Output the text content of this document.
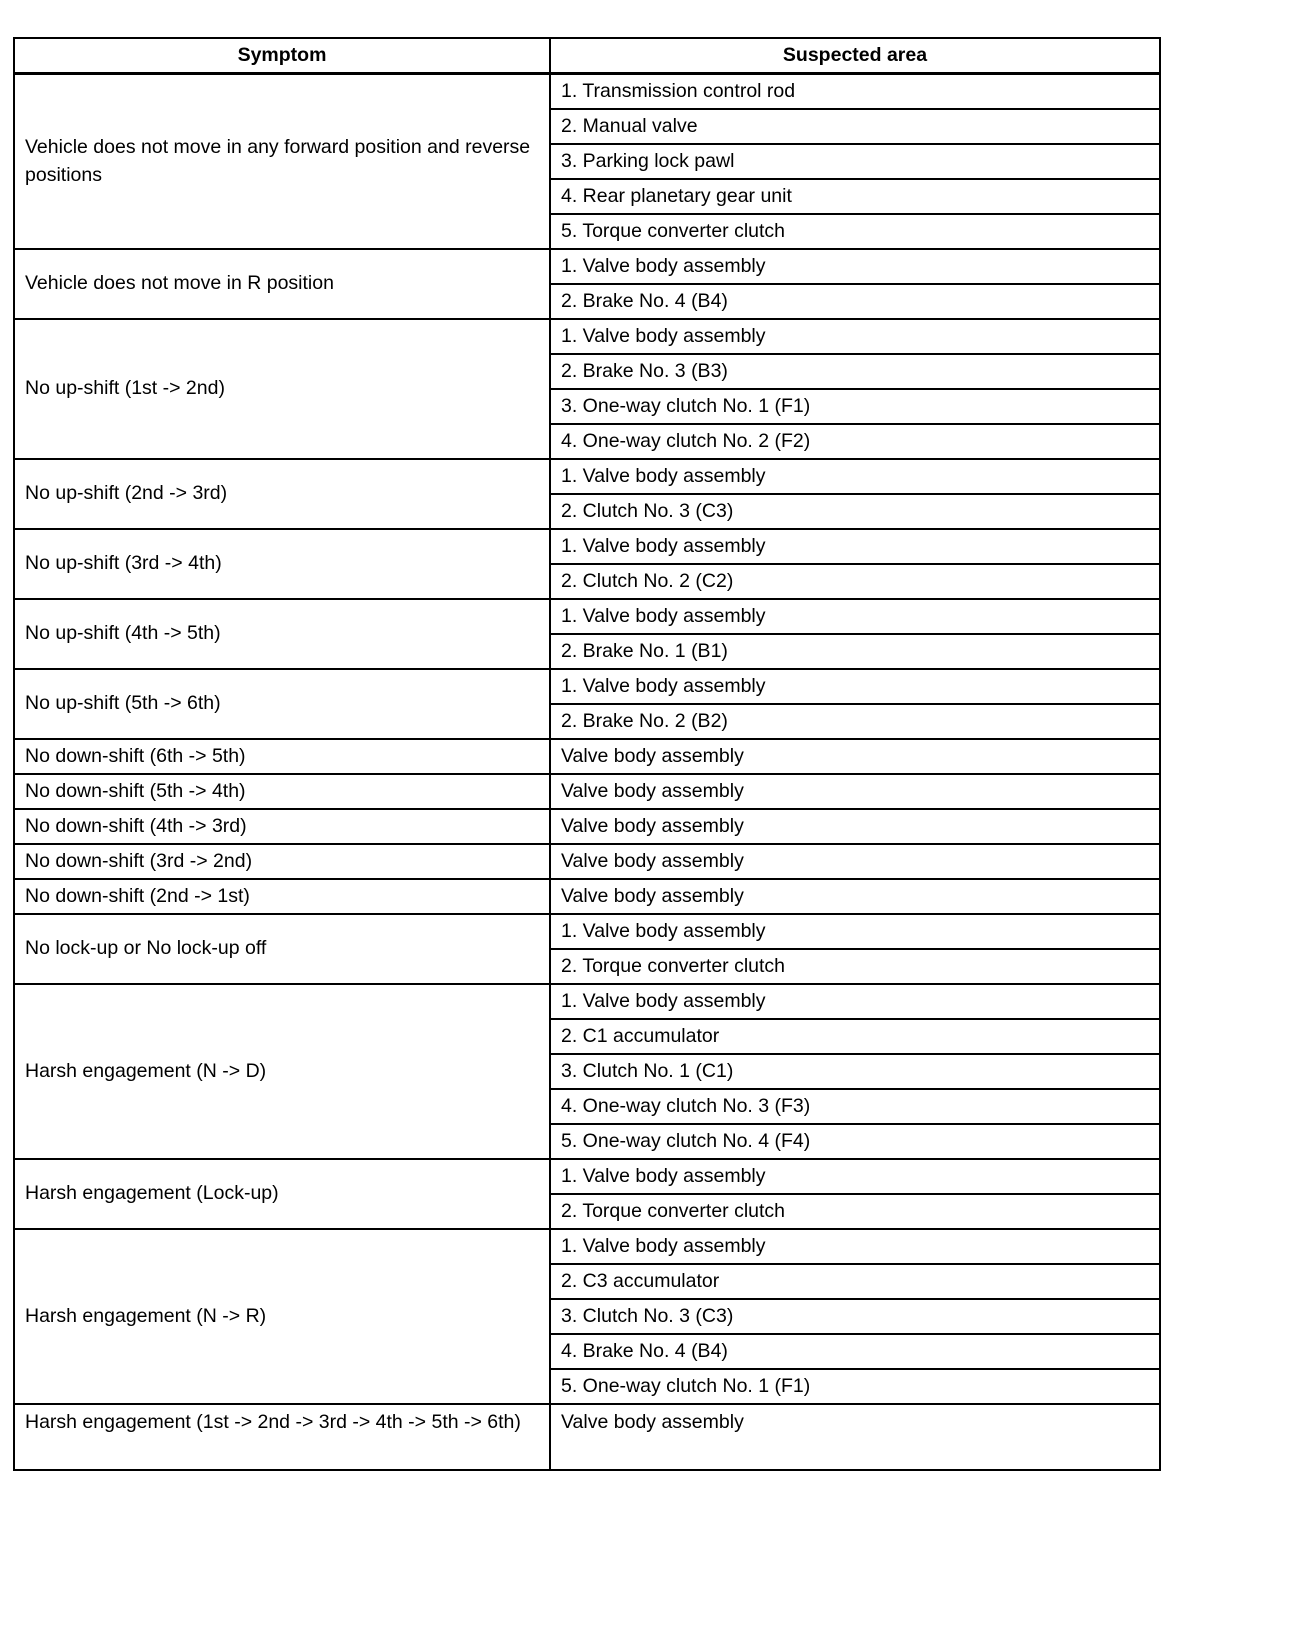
Symptom	Suspected area
Vehicle does not move in any forward position and reverse positions	1. Transmission control rod
	2. Manual valve
	3. Parking lock pawl
	4. Rear planetary gear unit
	5. Torque converter clutch
Vehicle does not move in R position	1. Valve body assembly
	2. Brake No. 4 (B4)
No up-shift (1st -> 2nd)	1. Valve body assembly
	2. Brake No. 3 (B3)
	3. One-way clutch No. 1 (F1)
	4. One-way clutch No. 2 (F2)
No up-shift (2nd -> 3rd)	1. Valve body assembly
	2. Clutch No. 3 (C3)
No up-shift (3rd -> 4th)	1. Valve body assembly
	2. Clutch No. 2 (C2)
No up-shift (4th -> 5th)	1. Valve body assembly
	2. Brake No. 1 (B1)
No up-shift (5th -> 6th)	1. Valve body assembly
	2. Brake No. 2 (B2)
No down-shift (6th -> 5th)	Valve body assembly
No down-shift (5th -> 4th)	Valve body assembly
No down-shift (4th -> 3rd)	Valve body assembly
No down-shift (3rd -> 2nd)	Valve body assembly
No down-shift (2nd -> 1st)	Valve body assembly
No lock-up or No lock-up off	1. Valve body assembly
	2. Torque converter clutch
Harsh engagement (N -> D)	1. Valve body assembly
	2. C1 accumulator
	3. Clutch No. 1 (C1)
	4. One-way clutch No. 3 (F3)
	5. One-way clutch No. 4 (F4)
Harsh engagement (Lock-up)	1. Valve body assembly
	2. Torque converter clutch
Harsh engagement (N -> R)	1. Valve body assembly
	2. C3 accumulator
	3. Clutch No. 3 (C3)
	4. Brake No. 4 (B4)
	5. One-way clutch No. 1 (F1)
Harsh engagement (1st -> 2nd -> 3rd -> 4th -> 5th -> 6th)	Valve body assembly
